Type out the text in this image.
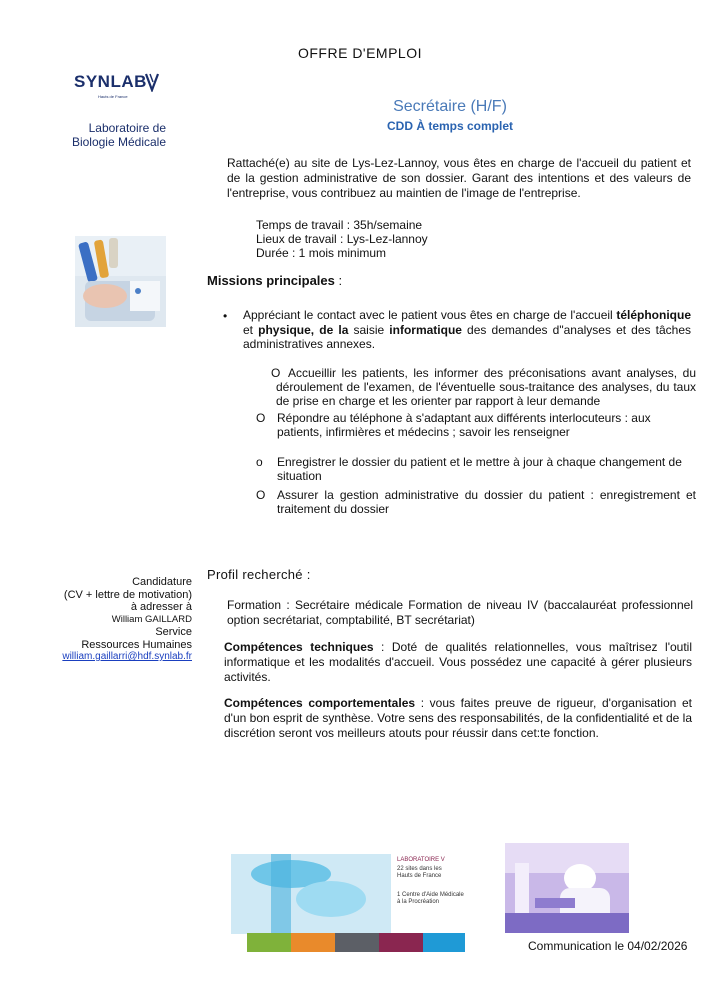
OFFRE D'EMPLOI
SYNLAB
Hauts de France
Laboratoire de
Biologie Médicale
Secrétaire (H/F)
CDD À temps complet
Rattaché(e) au site de Lys-Lez-Lannoy, vous êtes en charge de l'accueil du patient et de la gestion administrative de son dossier. Garant des intentions et des valeurs de l'entreprise, vous contribuez au maintien de l'image de l'entreprise.
Temps de travail : 35h/semaine
Lieux de travail : Lys-Lez-lannoy
Durée : 1 mois minimum
Missions principales :
• Appréciant le contact avec le patient vous êtes en charge de l'accueil téléphonique et physique, de la saisie informatique des demandes d"analyses et des tâches administratives annexes.
O Accueillir les patients, les informer des préconisations avant analyses, du déroulement de l'examen, de l'éventuelle sous-traitance des analyses, du taux de prise en charge et les orienter par rapport à leur demande
O Répondre au téléphone à s'adaptant aux différents interlocuteurs : aux patients, infirmières et médecins ; savoir les renseigner
o Enregistrer le dossier du patient et le mettre à jour à chaque changement de situation
O Assurer la gestion administrative du dossier du patient : enregistrement et traitement du dossier
Candidature
(CV + lettre de motivation)
à adresser à
William GAILLARD
Service
Ressources Humaines
william.gaillarri@hdf.synlab.fr
Profil recherché :
Formation : Secrétaire médicale Formation de niveau IV (baccalauréat professionnel option secrétariat, comptabilité, BT secrétariat)
Compétences techniques : Doté de qualités relationnelles, vous maîtrisez l'outil informatique et les modalités d'accueil. Vous possédez une capacité à gérer plusieurs activités.
Compétences comportementales : vous faites preuve de rigueur, d'organisation et d'un bon esprit de synthèse. Votre sens des responsabilités, de la confidentialité et de la discrétion seront vos meilleurs atouts pour réussir dans cet:te fonction.
LABORATOIRE V
22 sites dans les
Hauts de France
1 Centre d'Aide Médicale
à la Procréation
Communication le 04/02/2026
